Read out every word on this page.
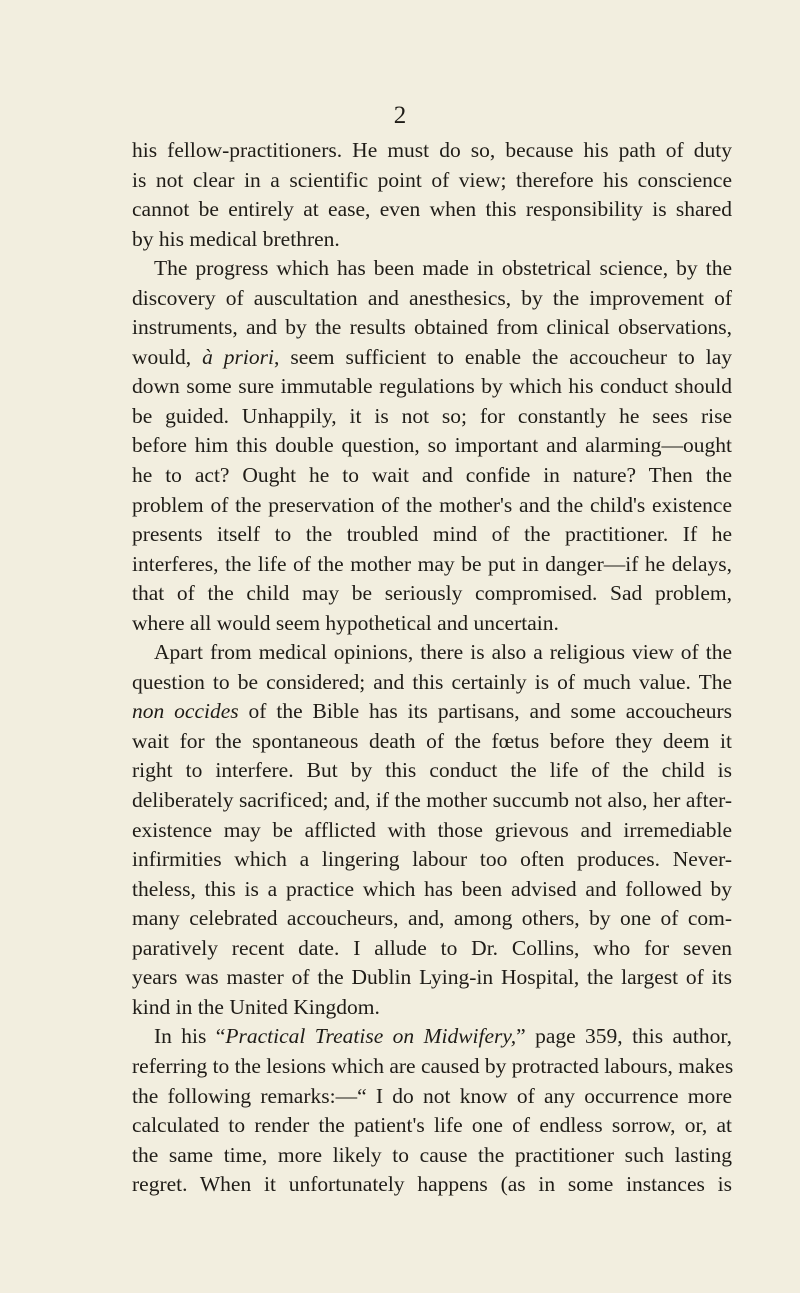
2
his fellow-practitioners. He must do so, because his path of duty
is not clear in a scientific point of view; therefore his conscience
cannot be entirely at ease, even when this responsibility is shared
by his medical brethren.
The progress which has been made in obstetrical science, by the
discovery of auscultation and anesthesics, by the improvement of
instruments, and by the results obtained from clinical observations,
would, à priori, seem sufficient to enable the accoucheur to lay
down some sure immutable regulations by which his conduct should
be guided. Unhappily, it is not so; for constantly he sees rise
before him this double question, so important and alarming—ought
he to act? Ought he to wait and confide in nature? Then the
problem of the preservation of the mother's and the child's existence
presents itself to the troubled mind of the practitioner. If he
interferes, the life of the mother may be put in danger—if he delays,
that of the child may be seriously compromised. Sad problem,
where all would seem hypothetical and uncertain.
Apart from medical opinions, there is also a religious view of the
question to be considered; and this certainly is of much value. The
non occides of the Bible has its partisans, and some accoucheurs
wait for the spontaneous death of the fœtus before they deem it
right to interfere. But by this conduct the life of the child is
deliberately sacrificed; and, if the mother succumb not also, her after-
existence may be afflicted with those grievous and irremediable
infirmities which a lingering labour too often produces. Never-
theless, this is a practice which has been advised and followed by
many celebrated accoucheurs, and, among others, by one of com-
paratively recent date. I allude to Dr. Collins, who for seven
years was master of the Dublin Lying-in Hospital, the largest of its
kind in the United Kingdom.
In his “Practical Treatise on Midwifery,” page 359, this author,
referring to the lesions which are caused by protracted labours, makes
the following remarks:—“ I do not know of any occurrence more
calculated to render the patient's life one of endless sorrow, or, at
the same time, more likely to cause the practitioner such lasting
regret. When it unfortunately happens (as in some instances is
